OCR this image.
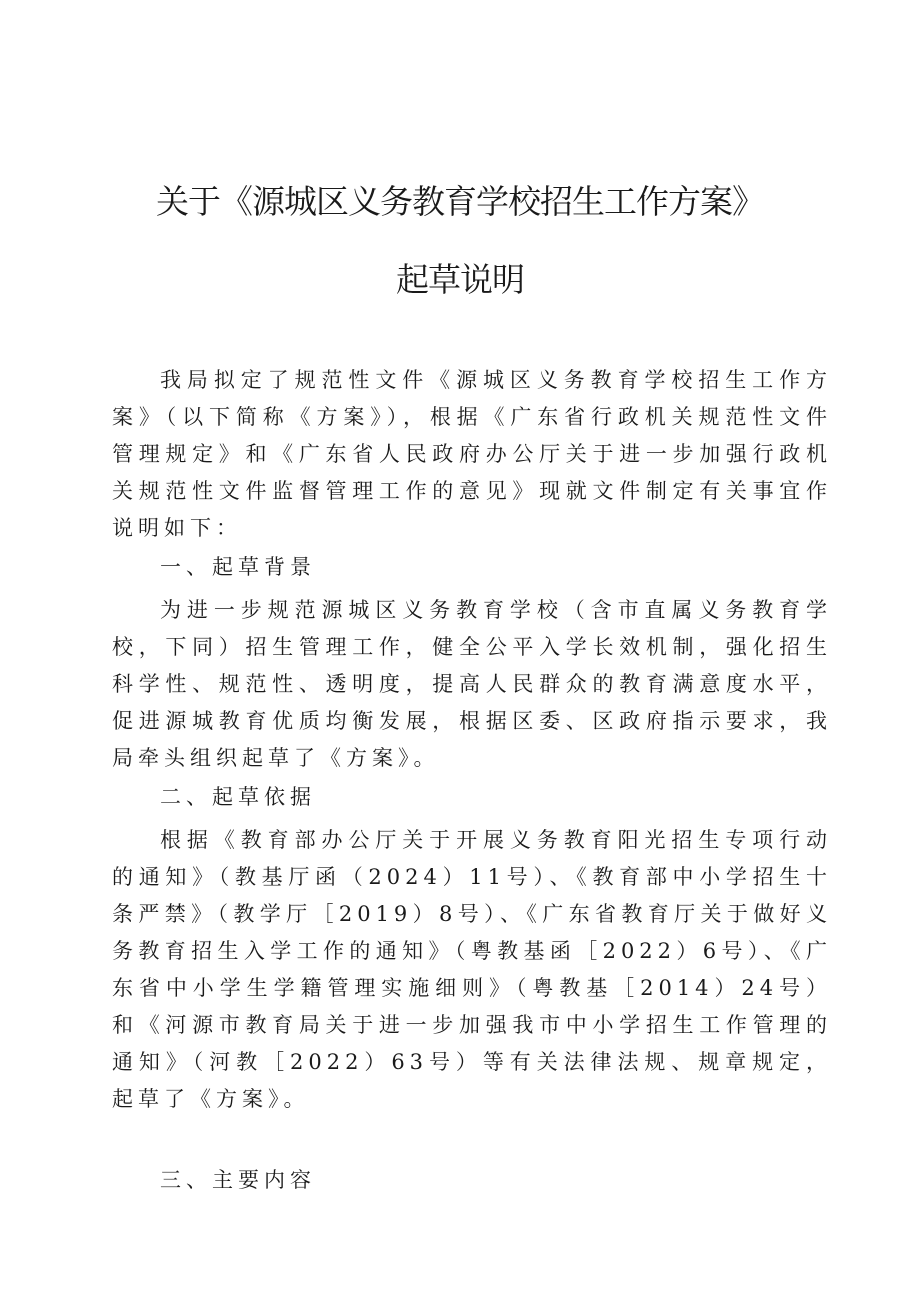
关于《源城区义务教育学校招生工作方案》
起草说明

我局拟定了规范性文件《源城区义务教育学校招生工作方案》（以下简称《方案》），根据《广东省行政机关规范性文件管理规定》和《广东省人民政府办公厅关于进一步加强行政机关规范性文件监督管理工作的意见》现就文件制定有关事宜作说明如下：

一、起草背景

为进一步规范源城区义务教育学校（含市直属义务教育学校，下同）招生管理工作，健全公平入学长效机制，强化招生科学性、规范性、透明度，提高人民群众的教育满意度水平，促进源城教育优质均衡发展，根据区委、区政府指示要求，我局牵头组织起草了《方案》。

二、起草依据

根据《教育部办公厅关于开展义务教育阳光招生专项行动的通知》（教基厅函（2024）11号）、《教育部中小学招生十条严禁》（教学厅［2019）8号）、《广东省教育厅关于做好义务教育招生入学工作的通知》（粤教基函［2022）6号）、《广东省中小学生学籍管理实施细则》（粤教基［2014）24号）和《河源市教育局关于进一步加强我市中小学招生工作管理的通知》（河教［2022）63号）等有关法律法规、规章规定，起草了《方案》。

三、主要内容
